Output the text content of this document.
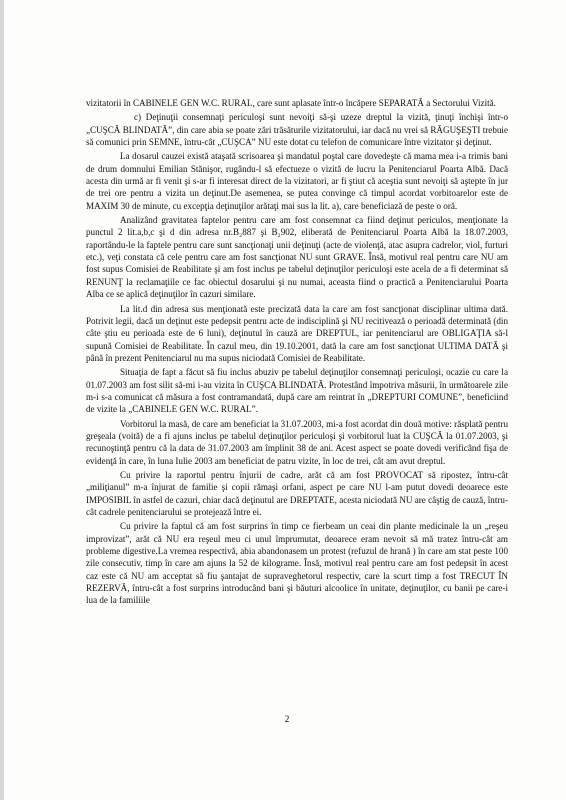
vizitatorii în CABINELE GEN W.C. RURAL, care sunt aplasate într-o încăpere SEPARATĂ a Sectorului Vizită.

c) Deţinuţii consemnaţi periculoşi sunt nevoiţi să-şi uzeze dreptul la vizită, ţinuţi închişi într-o „CUŞCĂ BLINDATĂ”, din care abia se poate zări trăsăturile vizitatorului, iar dacă nu vrei să RĂGUŞEŞTI trebuie să comunici prin SEMNE, întru-cât „CUŞCA” NU este dotat cu telefon de comunicare între vizitator şi deţinut.

La dosarul cauzei există ataşată scrisoarea şi mandatul poştal care dovedeşte că mama mea i-a trimis bani de drum domnului Emilian Stănişor, rugându-l să efectueze o vizită de lucru la Penitenciarul Poarta Albă. Dacă acesta din urmă ar fi venit şi s-ar fi interesat direct de la vizitatori, ar fi ştiut că aceştia sunt nevoiţi să aştepte în jur de trei ore pentru a vizita un deţinut.De asemenea, se putea convinge că timpul acordat vorbitoarelor este de MAXIM 30 de minute, cu excepţia deţinuţilor arătaţi mai sus la lit. a), care beneficiază de peste o oră.

Analizând gravitatea faptelor pentru care am fost consemnat ca fiind deţinut periculos, menţionate la punctul 2 lit.a,b,c şi d din adresa nr.B₂887 şi B₂902, eliberată de Penitenciarul Poarta Albă la 18.07.2003, raportându-le la faptele pentru care sunt sancţionaţi unii deţinuţi (acte de violenţă, atac asupra cadrelor, viol, furturi etc.), veţi constata că cele pentru care am fost sancţionat NU sunt GRAVE. Însă, motivul real pentru care NU am fost supus Comisiei de Reabilitate şi am fost inclus pe tabelul deţinuţilor periculoşi este acela de a fi determinat să RENUNŢ la reclamaţiile ce fac obiectul dosarului şi nu numai, aceasta fiind o practică a Penitenciarului Poarta Alba ce se aplică deţinuţilor în cazuri similare.

La lit.d din adresa sus menţionată este precizată data la care am fost sancţionat disciplinar ultima dată. Potrivit legii, dacă un deţinut este pedepsit pentru acte de indisciplină şi NU recitivează o perioadă determinată (din câte ştiu eu perioada este de 6 luni), deţinutul în cauză are DREPTUL, iar penitenciarul are OBLIGAŢIA să-l supună Comisiei de Reabilitate. În cazul meu, din 19.10.2001, dată la care am fost sancţionat ULTIMA DATĂ şi până în prezent Penitenciarul nu ma supus niciodată Comisiei de Reabilitate.

Situaţia de fapt a făcut să fiu inclus abuziv pe tabelul deţinuţilor consemnaţi periculoşi, ocazie cu care la 01.07.2003 am fost silit să-mi i-au vizita în CUŞCA BLINDATĂ. Protestând împotriva măsurii, în următoarele zile m-i s-a comunicat că măsura a fost contramandată, după care am reintrat în „DREPTURI COMUNE”, beneficiind de vizite la „CABINELE GEN W.C. RURAL”.

Vorbitorul la masă, de care am beneficiat la 31.07.2003, mi-a fost acordat din două motive: răsplată pentru greşeala (voită) de a fi ajuns inclus pe tabelul deţinuţilor periculoşi şi vorbitorul luat la CUŞCĂ la 01.07.2003, şi recunoştinţă pentru că la data de 31.07.2003 am împlinit 38 de ani. Acest aspect se poate dovedi verificând fişa de evidenţă în care, în luna Iulie 2003 am beneficiat de patru vizite, în loc de trei, cât am avut dreptul.

Cu privire la raportul pentru înjurii de cadre, arăt că am fost PROVOCAT să ripostez, întru-cât „miliţianul” m-a înjurat de familie şi copii rămaşi orfani, aspect pe care NU l-am putut dovedi deoarece este IMPOSIBIL în astfel de cazuri, chiar dacă deţinutul are DREPTATE, acesta niciodată NU are câştig de cauză, întru-cât cadrele penitenciarului se protejează între ei.

Cu privire la faptul că am fost surprins în timp ce fierbeam un ceai din plante medicinale la un „reşeu improvizat”, arăt că NU era reşeul meu ci unul împrumutat, deoarece eram nevoit să mă tratez întru-cât am probleme digestive.La vremea respectivă, abia abandonasem un protest (refuzul de hrană ) în care am stat peste 100 zile consecutiv, timp în care am ajuns la 52 de kilograme. Însă, motivul real pentru care am fost pedepsit în acest caz este că NU am acceptat să fiu şantajat de supraveghetorul respectiv, care la scurt timp a fost TRECUT ÎN REZERVĂ, întru-cât a fost surprins introducând bani şi băuturi alcoolice în unitate, deţinuţilor, cu banii pe care-i lua de la familiile

2
